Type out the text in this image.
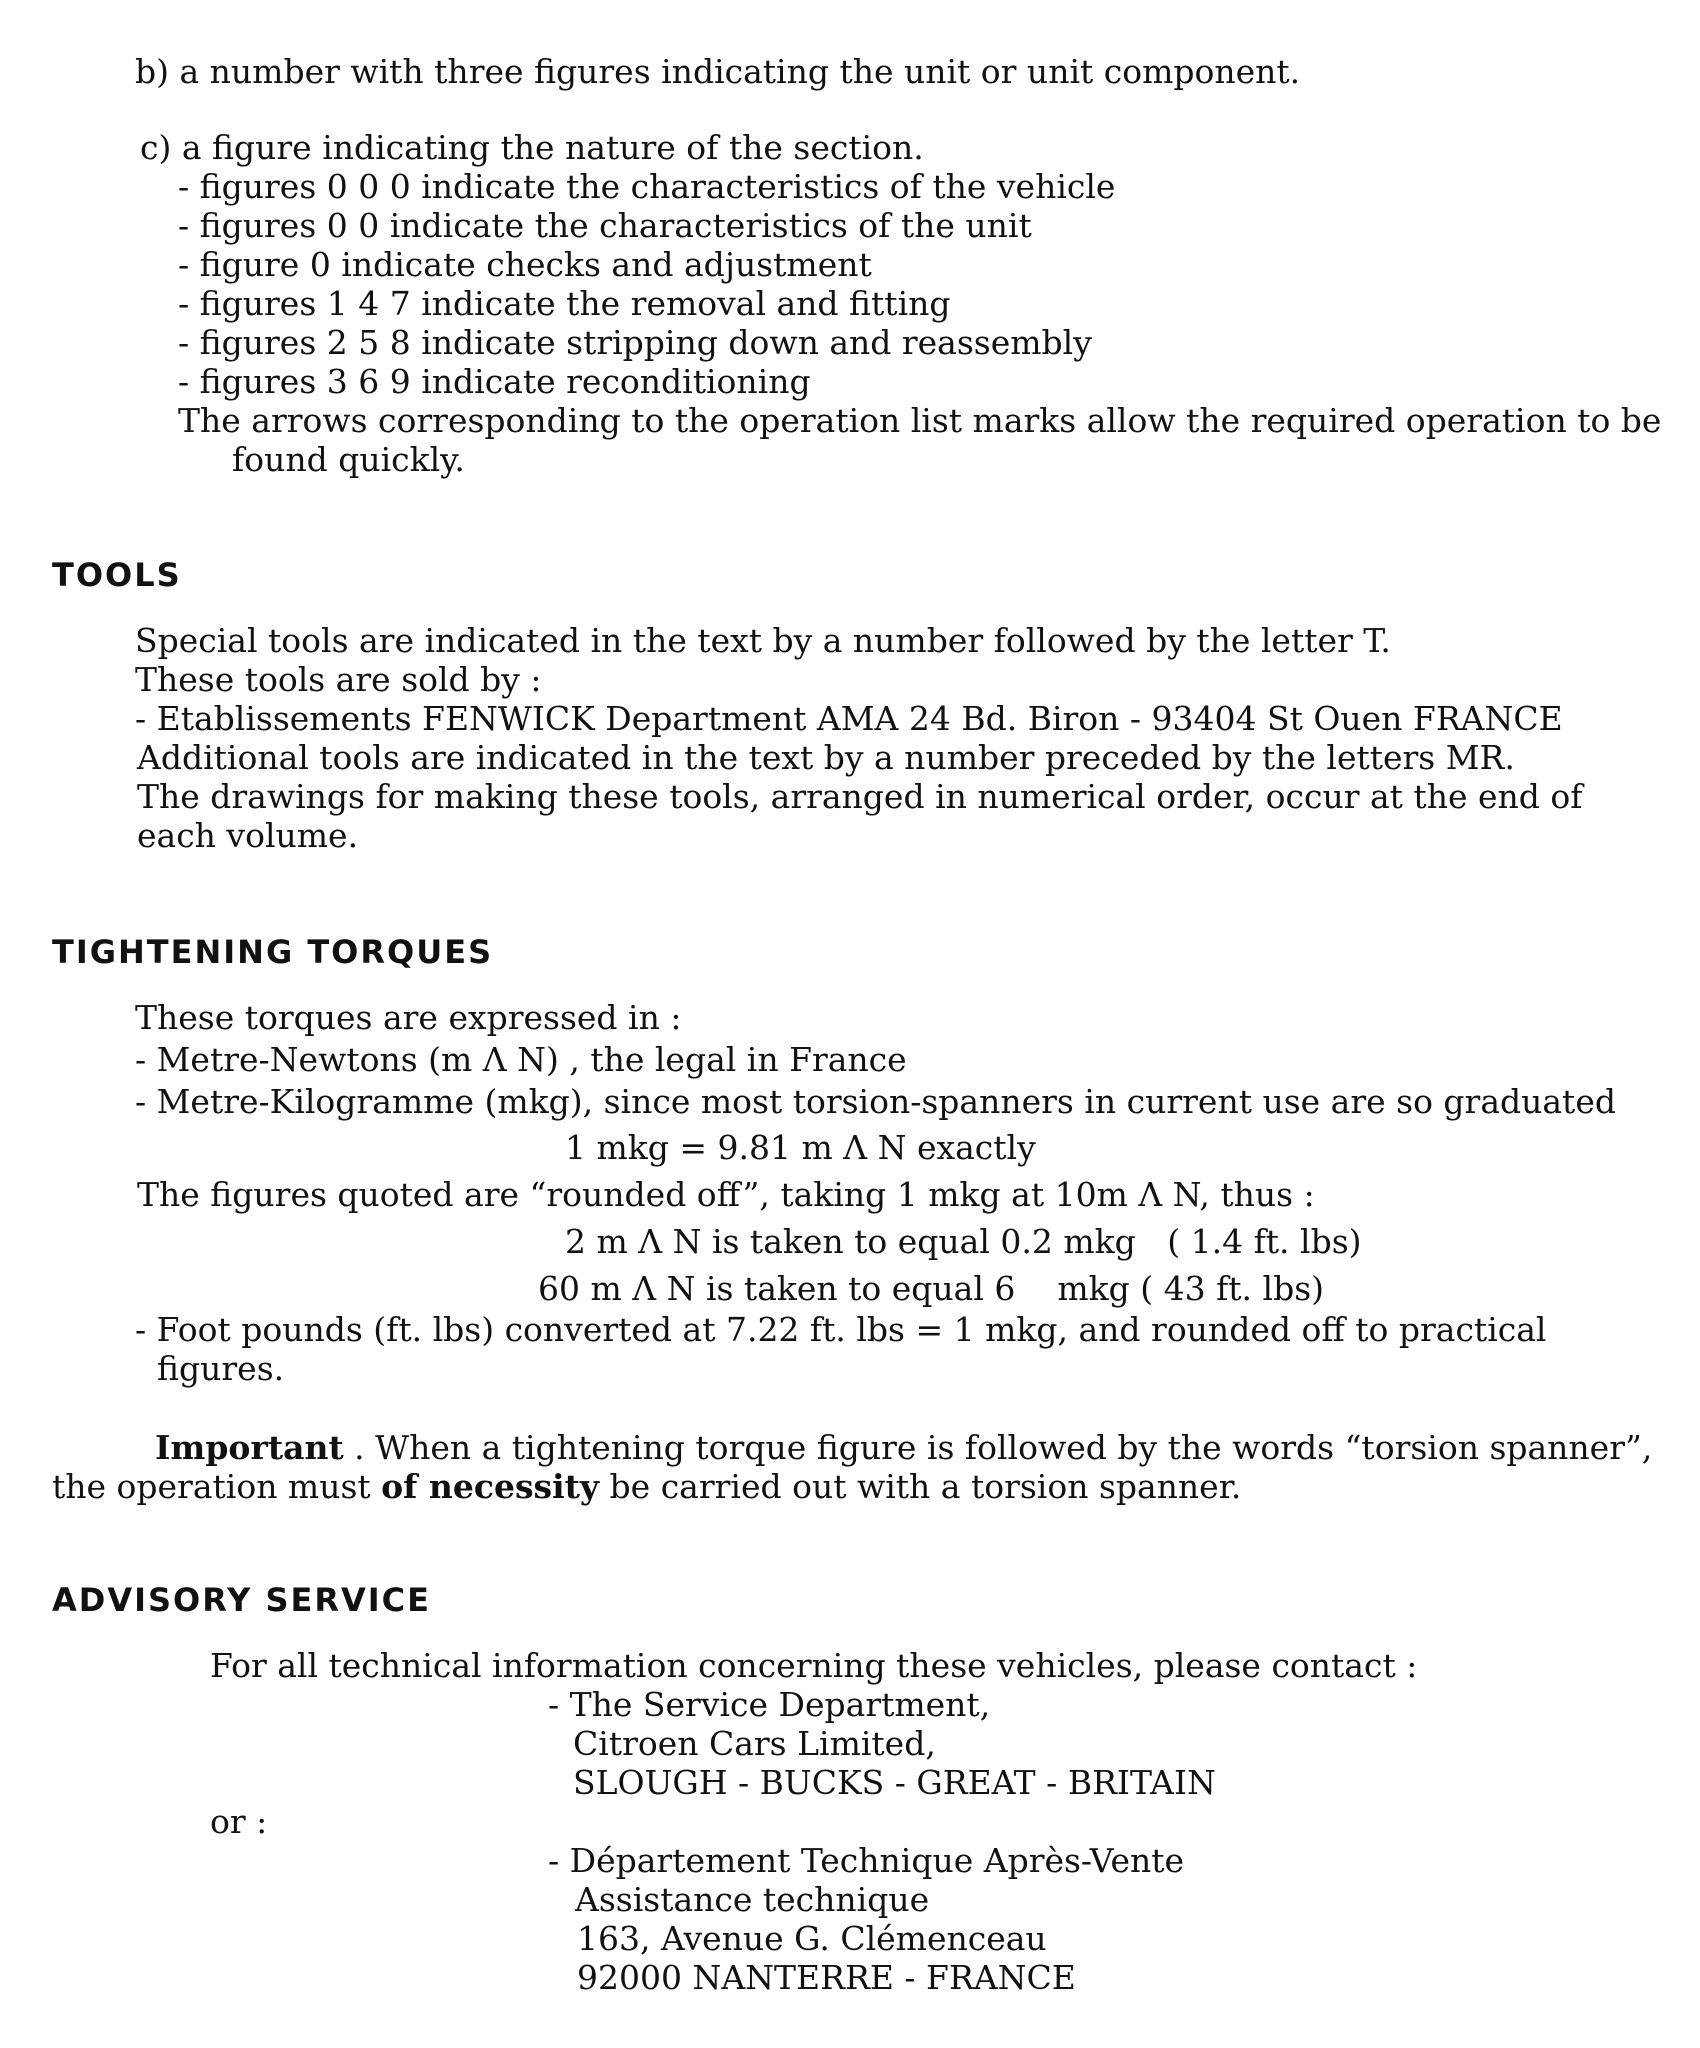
b) a number with three figures indicating the unit or unit component.

c) a figure indicating the nature of the section.

- figures 0 0 0 indicate the characteristics of the vehicle

- figures 0 0 indicate the characteristics of the unit

- figure 0 indicate checks and adjustment

- figures 1 4 7 indicate the removal and fitting

- figures 2 5 8 indicate stripping down and reassembly

- figures 3 6 9 indicate reconditioning

The arrows corresponding to the operation list marks allow the required operation to be

found quickly.

TOOLS

Special tools are indicated in the text by a number followed by the letter T.

These tools are sold by :

- Etablissements FENWICK Department AMA 24 Bd. Biron - 93404 St Ouen FRANCE

Additional tools are indicated in the text by a number preceded by the letters MR.

The drawings for making these tools, arranged in numerical order, occur at the end of

each volume.

TIGHTENING TORQUES

These torques are expressed in :

- Metre-Newtons (m Λ N) , the legal in France

- Metre-Kilogramme (mkg), since most torsion-spanners in current use are so graduated

1 mkg = 9.81 m Λ N exactly

The figures quoted are “rounded off”, taking 1 mkg at 10m Λ N, thus :

2 m Λ N is taken to equal 0.2 mkg   ( 1.4 ft. lbs)

60 m Λ N is taken to equal 6    mkg ( 43 ft. lbs)

- Foot pounds (ft. lbs) converted at 7.22 ft. lbs = 1 mkg, and rounded off to practical

figures.

Important . When a tightening torque figure is followed by the words “torsion spanner”,

the operation must of necessity be carried out with a torsion spanner.

ADVISORY SERVICE

For all technical information concerning these vehicles, please contact :

- The Service Department,

Citroen Cars Limited,

SLOUGH - BUCKS - GREAT - BRITAIN

or :

- Département Technique Après-Vente

Assistance technique

163, Avenue G. Clémenceau

92000 NANTERRE - FRANCE
